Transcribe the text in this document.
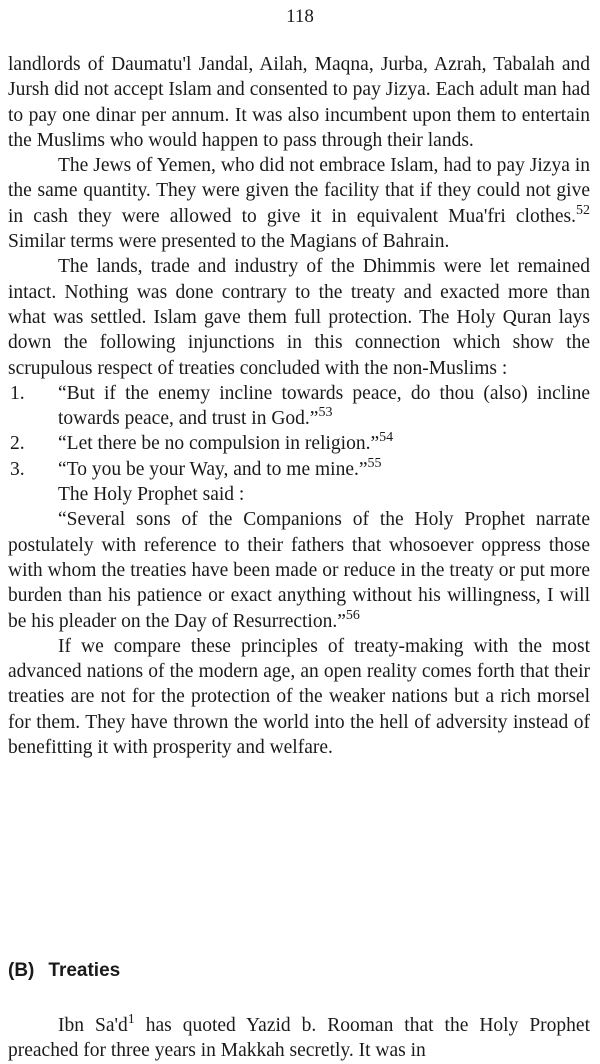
118

landlords of Daumatu'l Jandal, Ailah, Maqna, Jurba, Azrah, Tabalah and Jursh did not accept Islam and consented to pay Jizya. Each adult man had to pay one dinar per annum. It was also incumbent upon them to entertain the Muslims who would happen to pass through their lands.

The Jews of Yemen, who did not embrace Islam, had to pay Jizya in the same quantity. They were given the facility that if they could not give in cash they were allowed to give it in equivalent Mua'fri clothes.$^{52}$ Similar terms were presented to the Magians of Bahrain.

The lands, trade and industry of the Dhimmis were let remained intact. Nothing was done contrary to the treaty and exacted more than what was settled. Islam gave them full protection. The Holy Quran lays down the following injunctions in this connection which show the scrupulous respect of treaties concluded with the non-Muslims :

1. “But if the enemy incline towards peace, do thou (also) incline towards peace, and trust in God.”$^{53}$
2. “Let there be no compulsion in religion.”$^{54}$
3. “To you be your Way, and to me mine.”$^{55}$

The Holy Prophet said :

“Several sons of the Companions of the Holy Prophet narrate postulately with reference to their fathers that whosoever oppress those with whom the treaties have been made or reduce in the treaty or put more burden than his patience or exact anything without his willingness, I will be his pleader on the Day of Resurrection.”$^{56}$

If we compare these principles of treaty-making with the most advanced nations of the modern age, an open reality comes forth that their treaties are not for the protection of the weaker nations but a rich morsel for them. They have thrown the world into the hell of adversity instead of benefitting it with prosperity and welfare.

(B) Treaties

Ibn $Sa'd^1$ has quoted Yazid b. Rooman that the Holy Prophet preached for three years in Makkah secretly. It was in
